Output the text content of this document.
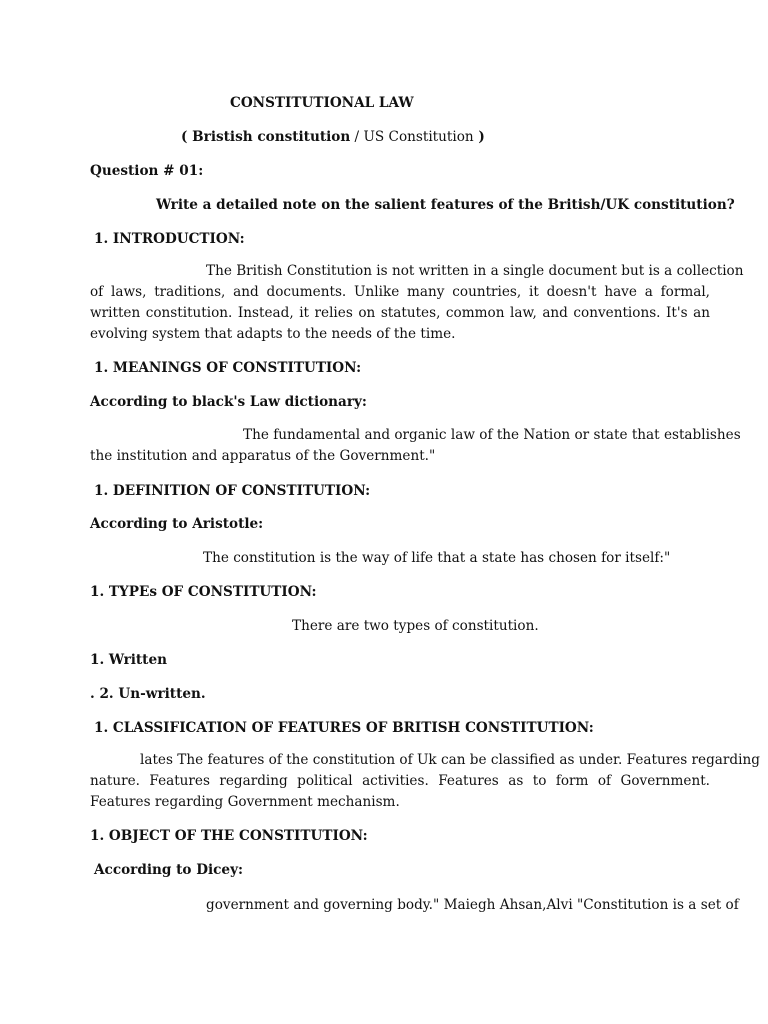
CONSTITUTIONAL LAW
( Bristish constitution / US Constitution )
Question # 01:
Write a detailed note on the salient features of the British/UK constitution?
1. INTRODUCTION:
The British Constitution is not written in a single document but is a collection
of laws, traditions, and documents. Unlike many countries, it doesn't have a formal, written constitution. Instead, it relies on statutes, common law, and conventions. It's an evolving system that adapts to the needs of the time.
1. MEANINGS OF CONSTITUTION:
According to black's Law dictionary:
The fundamental and organic law of the Nation or state that establishes
the institution and apparatus of the Government."
1. DEFINITION OF CONSTITUTION:
According to Aristotle:
The constitution is the way of life that a state has chosen for itself:"
1. TYPEs OF CONSTITUTION:
There are two types of constitution.
1. Written
. 2. Un-written.
1. CLASSIFICATION OF FEATURES OF BRITISH CONSTITUTION:
lates The features of the constitution of Uk can be classified as under. Features regarding
nature. Features regarding political activities. Features as to form of Government. Features regarding Government mechanism.
1. OBJECT OF THE CONSTITUTION:
According to Dicey:
government and governing body." Maiegh Ahsan,Alvi "Constitution is a set of
